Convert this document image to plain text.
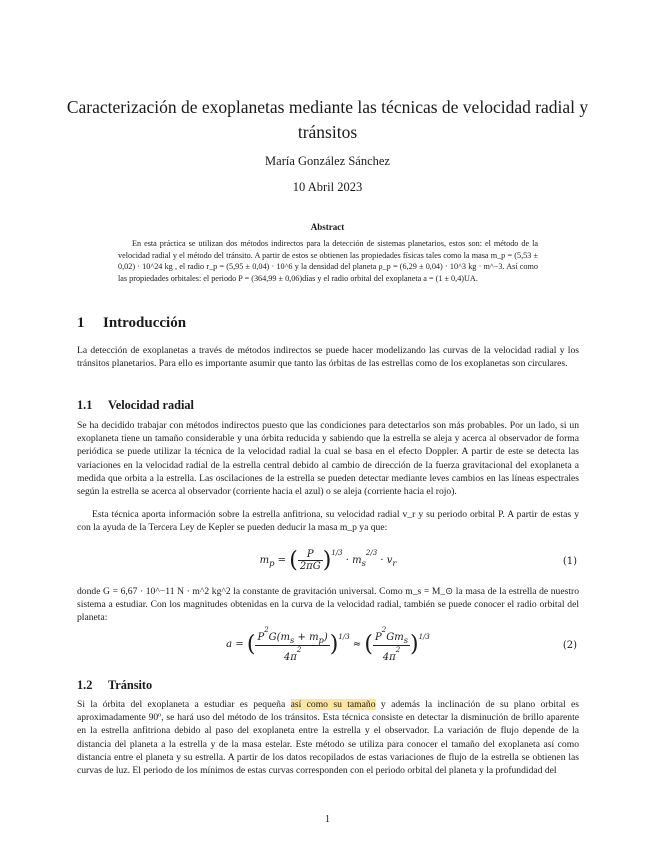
Caracterización de exoplanetas mediante las técnicas de velocidad radial y tránsitos
María González Sánchez
10 Abril 2023
Abstract
En esta práctica se utilizan dos métodos indirectos para la detección de sistemas planetarios, estos son: el método de la velocidad radial y el método del tránsito. A partir de estos se obtienen las propiedades físicas tales como la masa m_p = (5,53 ± 0,02) · 10^24 kg , el radio r_p = (5,95 ± 0,04) · 10^6 y la densidad del planeta ρ_p = (6,29 ± 0,04) · 10^3 kg · m^−3. Así como las propiedades orbitales: el periodo P = (364,99 ± 0,06)días y el radio orbital del exoplaneta a = (1 ± 0,4)UA.
1 Introducción
La detección de exoplanetas a través de métodos indirectos se puede hacer modelizando las curvas de la velocidad radial y los tránsitos planetarios. Para ello es importante asumir que tanto las órbitas de las estrellas como de los exoplanetas son circulares.
1.1 Velocidad radial
Se ha decidido trabajar con métodos indirectos puesto que las condiciones para detectarlos son más probables. Por un lado, si un exoplaneta tiene un tamaño considerable y una órbita reducida y sabiendo que la estrella se aleja y acerca al observador de forma periódica se puede utilizar la técnica de la velocidad radial la cual se basa en el efecto Doppler. A partir de este se detecta las variaciones en la velocidad radial de la estrella central debido al cambio de dirección de la fuerza gravitacional del exoplaneta a medida que orbita a la estrella. Las oscilaciones de la estrella se pueden detectar mediante leves cambios en las líneas espectrales según la estrella se acerca al observador (corriente hacia el azul) o se aleja (corriente hacia el rojo).
Esta técnica aporta información sobre la estrella anfitriona, su velocidad radial v_r y su periodo orbital P. A partir de estas y con la ayuda de la Tercera Ley de Kepler se pueden deducir la masa m_p ya que:
$m_p$ = ( $\frac{P}{2\pi G} )^{1/3} \cdot m_s^{2/3} \cdot v_r$	(1)
donde G = 6,67 · 10^−11 N · m^2 kg^2 la constante de gravitación universal. Como m_s = M_⊙ la masa de la estrella de nuestro sistema a estudiar. Con los magnitudes obtenidas en la curva de la velocidad radial, también se puede conocer el radio orbital del planeta:
a = ( $\frac{P^2G(m_s + m_p)}{4\pi^2} )^{1/3}$ ≈ ( $\frac{P^2Gm_s}{4\pi^2} )^{1/3}$
(2)
1.2 Tránsito
Si la órbita del exoplaneta a estudiar es pequeña así como su tamaño y además la inclinación de su plano orbital es aproximadamente 90º, se hará uso del método de los tránsitos. Esta técnica consiste en detectar la disminución de brillo aparente en la estrella anfitriona debido al paso del exoplaneta entre la estrella y el observador. La variación de flujo depende de la distancia del planeta a la estrella y de la masa estelar. Este método se utiliza para conocer el tamaño del exoplaneta así como distancia entre el planeta y su estrella. A partir de los datos recopilados de estas variaciones de flujo de la estrella se obtienen las curvas de luz. El periodo de los mínimos de estas curvas corresponden con el periodo orbital del planeta y la profundidad del
1
